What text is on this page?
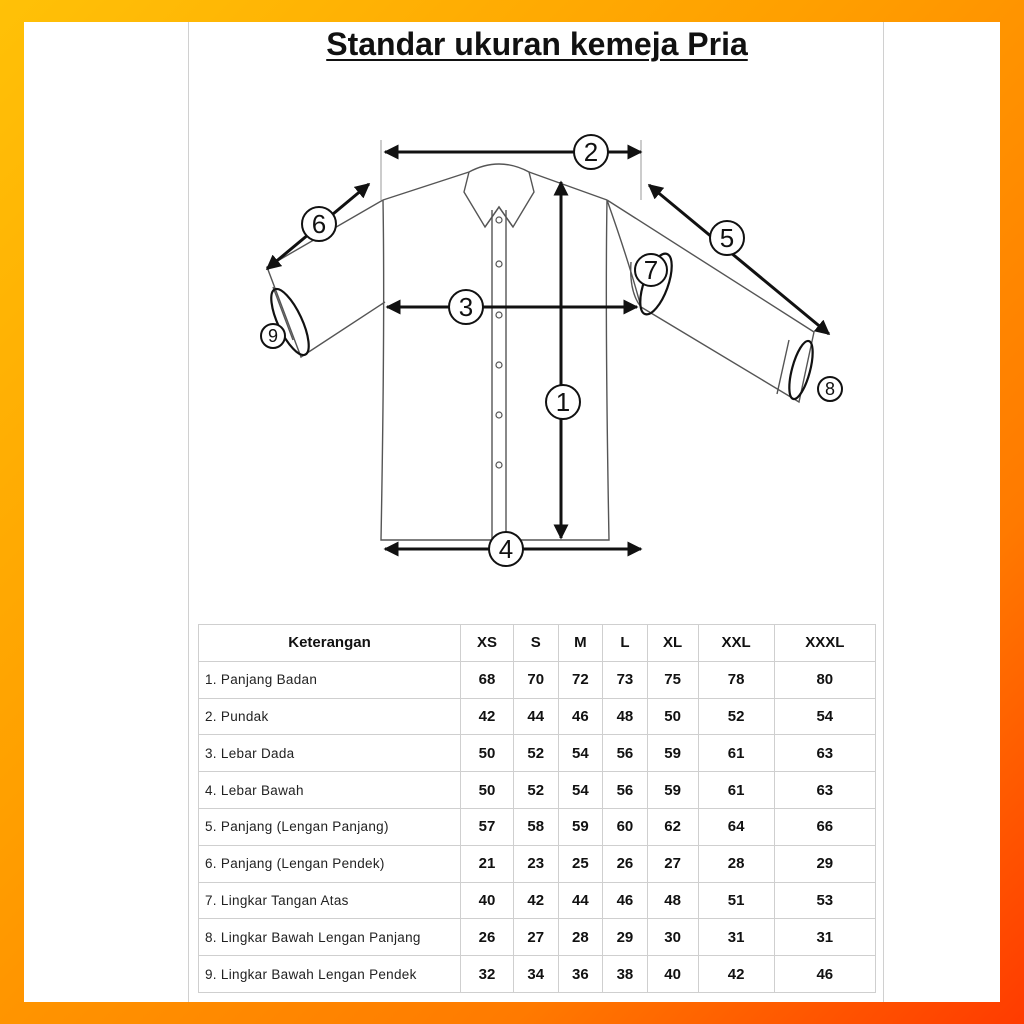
Standar ukuran kemeja Pria
1
2
3
4
5
6
7
8
9
Keterangan	XS	S	M	L	XL	XXL	XXXL
1. Panjang Badan	68	70	72	73	75	78	80
2. Pundak	42	44	46	48	50	52	54
3. Lebar Dada	50	52	54	56	59	61	63
4. Lebar Bawah	50	52	54	56	59	61	63
5. Panjang (Lengan Panjang)	57	58	59	60	62	64	66
6. Panjang (Lengan Pendek)	21	23	25	26	27	28	29
7. Lingkar Tangan Atas	40	42	44	46	48	51	53
8. Lingkar Bawah Lengan Panjang	26	27	28	29	30	31	31
9. Lingkar Bawah Lengan Pendek	32	34	36	38	40	42	46
